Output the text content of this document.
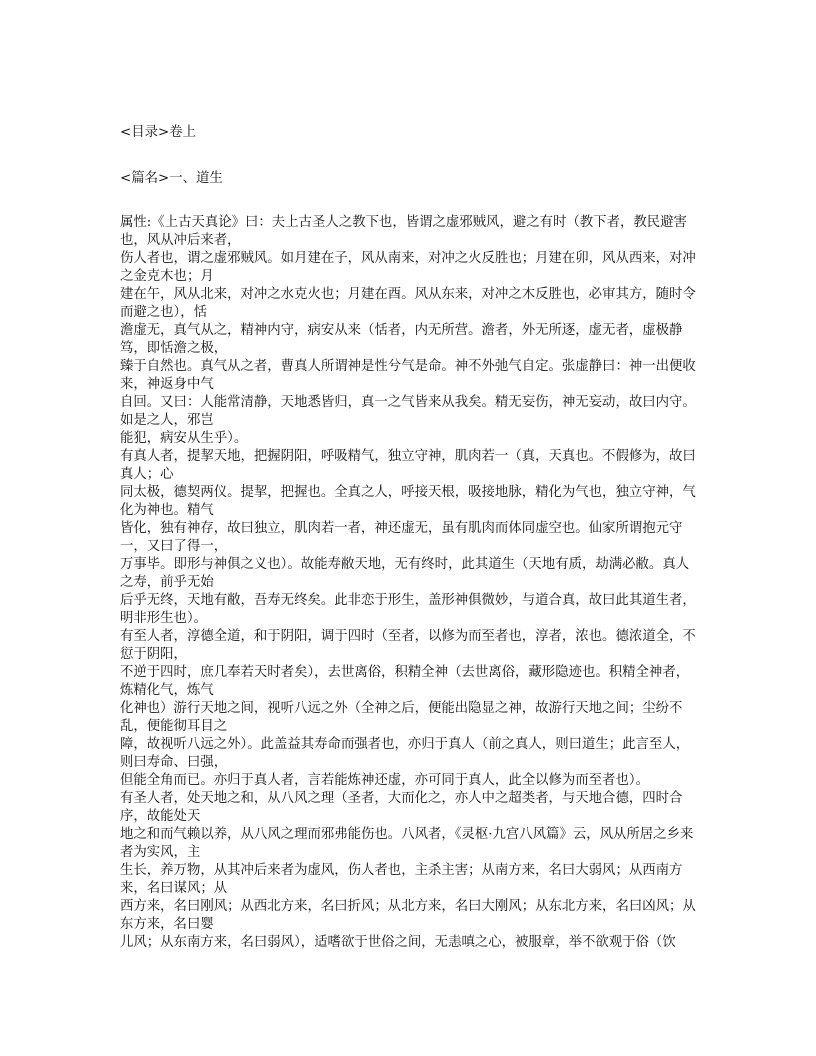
<目录>卷上

<篇名>一、道生

属性:《上古天真论》曰：夫上古圣人之教下也，皆谓之虚邪贼风，避之有时（教下者，教民避害也，风从冲后来者，

伤人者也，谓之虚邪贼风。如月建在子，风从南来，对冲之火反胜也；月建在卯，风从西来，对冲之金克木也；月

建在午，风从北来，对冲之水克火也；月建在酉。风从东来，对冲之木反胜也，必审其方，随时令而避之也），恬

澹虚无，真气从之，精神内守，病安从来（恬者，内无所营。澹者，外无所逐，虚无者，虚极静笃，即恬澹之极，

臻于自然也。真气从之者，曹真人所谓神是性兮气是命。神不外弛气自定。张虚静曰：神一出便收来，神返身中气

自回。又曰：人能常清静，天地悉皆归，真一之气皆来从我矣。精无妄伤，神无妄动，故曰内守。如是之人，邪岂

能犯，病安从生乎）。

有真人者，提挈天地，把握阴阳，呼吸精气，独立守神，肌肉若一（真，天真也。不假修为，故曰真人；心

同太极，德契两仪。提挈，把握也。全真之人，呼接天根，吸接地脉，精化为气也，独立守神，气化为神也。精气

皆化，独有神存，故曰独立，肌肉若一者，神还虚无，虽有肌肉而体同虚空也。仙家所谓抱元守一，又曰了得一，

万事毕。即形与神俱之义也）。故能寿敝天地，无有终时，此其道生（天地有质，劫满必敝。真人之寿，前乎无始

后乎无终，天地有敝，吾寿无终矣。此非恋于形生，盖形神俱微妙，与道合真，故曰此其道生者，明非形生也）。

有至人者，淳德全道，和于阴阳，调于四时（至者，以修为而至者也，淳者，浓也。德浓道全，不愆于阴阳，

不逆于四时，庶几奉若天时者矣），去世离俗，积精全神（去世离俗，藏形隐迹也。积精全神者，炼精化气，炼气

化神也）游行天地之间，视听八远之外（全神之后，便能出隐显之神，故游行天地之间；尘纷不乱，便能彻耳目之

障，故视听八远之外）。此盖益其寿命而强者也，亦归于真人（前之真人，则曰道生；此言至人，则曰寿命、曰强，

但能全角而已。亦归于真人者，言若能炼神还虚，亦可同于真人，此全以修为而至者也）。

有圣人者，处天地之和，从八风之理（圣者，大而化之，亦人中之超类者，与天地合德，四时合序，故能处天

地之和而气赖以养，从八风之理而邪弗能伤也。八风者，《灵枢·九宫八风篇》云，风从所居之乡来者为实风，主

生长，养万物，从其冲后来者为虚风，伤人者也，主杀主害；从南方来，名曰大弱风；从西南方来，名曰谋风；从

西方来，名曰刚风；从西北方来，名曰折风；从北方来，名曰大刚风；从东北方来，名曰凶风；从东方来，名曰婴

儿风；从东南方来，名曰弱风），适嗜欲于世俗之间，无恚嗔之心，被服章，举不欲观于俗（饮
